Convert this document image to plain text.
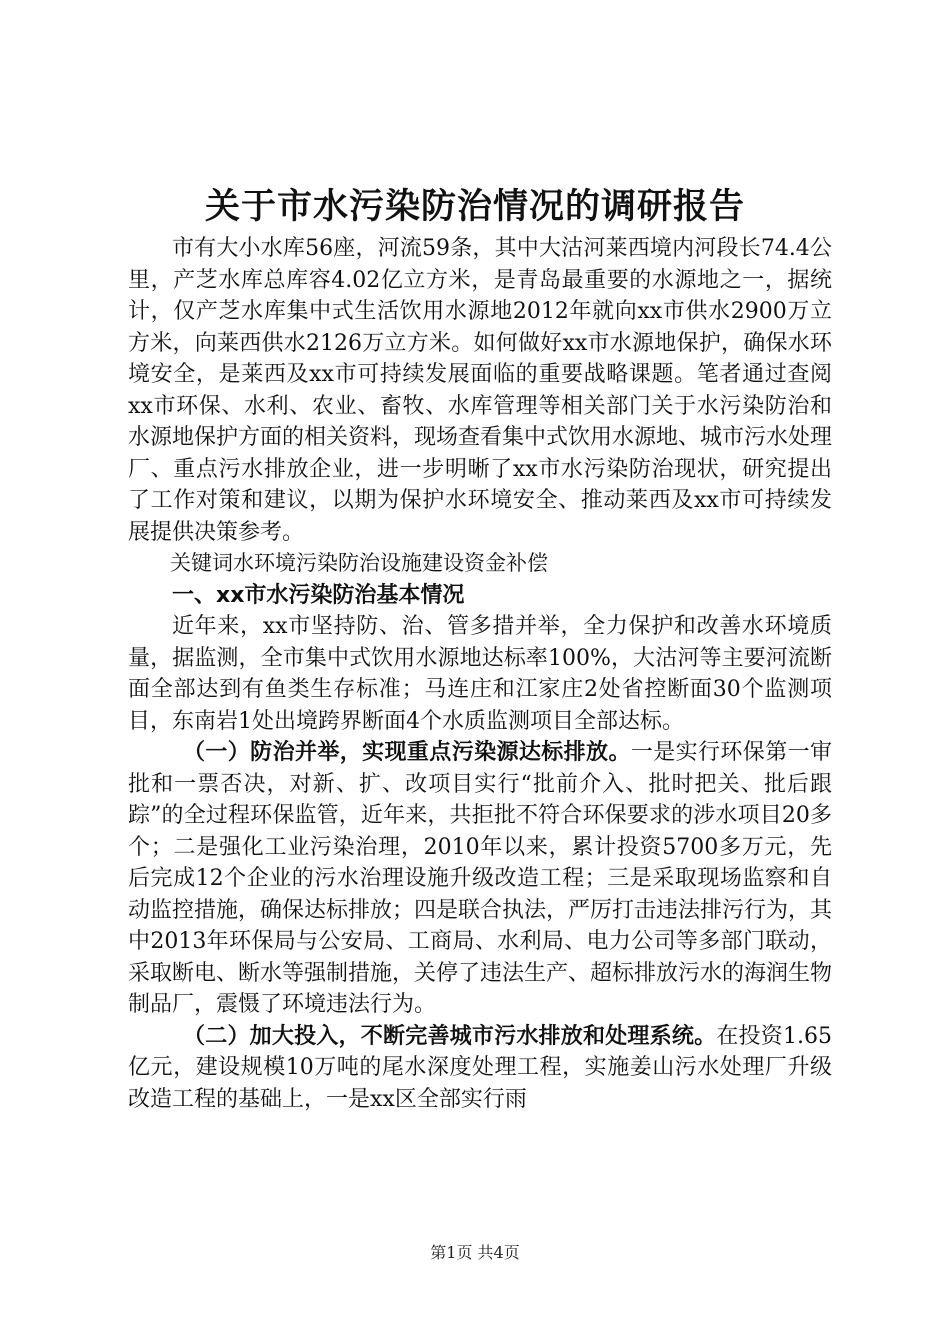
关于市水污染防治情况的调研报告

市有大小水库56座，河流59条，其中大沽河莱西境内河段长74.4公里，产芝水库总库容4.02亿立方米，是青岛最重要的水源地之一，据统计，仅产芝水库集中式生活饮用水源地2012年就向xx市供水2900万立方米，向莱西供水2126万立方米。如何做好xx市水源地保护，确保水环境安全，是莱西及xx市可持续发展面临的重要战略课题。笔者通过查阅xx市环保、水利、农业、畜牧、水库管理等相关部门关于水污染防治和水源地保护方面的相关资料，现场查看集中式饮用水源地、城市污水处理厂、重点污水排放企业，进一步明晰了xx市水污染防治现状，研究提出了工作对策和建议，以期为保护水环境安全、推动莱西及xx市可持续发展提供决策参考。

关键词水环境污染防治设施建设资金补偿

一、xx市水污染防治基本情况

近年来，xx市坚持防、治、管多措并举，全力保护和改善水环境质量，据监测，全市集中式饮用水源地达标率100%，大沽河等主要河流断面全部达到有鱼类生存标准；马连庄和江家庄2处省控断面30个监测项目，东南岩1处出境跨界断面4个水质监测项目全部达标。

（一）防治并举，实现重点污染源达标排放。一是实行环保第一审批和一票否决，对新、扩、改项目实行“批前介入、批时把关、批后跟踪”的全过程环保监管，近年来，共拒批不符合环保要求的涉水项目20多个；二是强化工业污染治理，2010年以来，累计投资5700多万元，先后完成12个企业的污水治理设施升级改造工程；三是采取现场监察和自动监控措施，确保达标排放；四是联合执法，严厉打击违法排污行为，其中2013年环保局与公安局、工商局、水利局、电力公司等多部门联动，采取断电、断水等强制措施，关停了违法生产、超标排放污水的海润生物制品厂，震慑了环境违法行为。

（二）加大投入，不断完善城市污水排放和处理系统。在投资1.65亿元，建设规模10万吨的尾水深度处理工程，实施姜山污水处理厂升级改造工程的基础上，一是xx区全部实行雨

第1页 共4页
